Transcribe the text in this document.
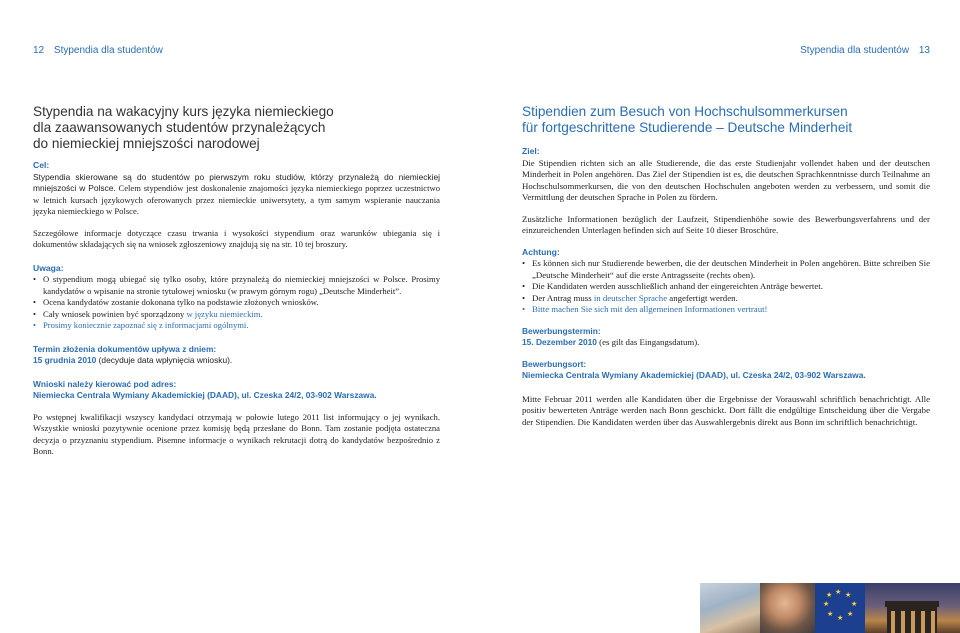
12 Stypendia dla studentów	Stypendia dla studentów 13
Stypendia na wakacyjny kurs języka niemieckiego
dla zaawansowanych studentów przynależących
do niemieckiej mniejszości narodowej
Cel:

Stypendia skierowane są do studentów po pierwszym roku studiów, którzy przynależą do niemieckiej mniejszości w Polsce. Celem stypendiów jest doskonalenie znajomości języka niemieckiego poprzez uczestnictwo w letnich kursach językowych oferowanych przez niemieckie uniwersytety, a tym samym wspieranie nauczania języka niemieckiego w Polsce.

Szczegółowe informacje dotyczące czasu trwania i wysokości stypendium oraz warunków ubiegania się i dokumentów składających się na wniosek zgłoszeniowy znajdują się na str. 10 tej broszury.

Uwaga:
• O stypendium mogą ubiegać się tylko osoby, które przynależą do niemieckiej mniejszości w Polsce. Prosimy kandydatów o wpisanie na stronie tytułowej wniosku (w prawym górnym rogu) „Deutsche Minderheit”.
• Ocena kandydatów zostanie dokonana tylko na podstawie złożonych wniosków.
• Cały wniosek powinien być sporządzony w języku niemieckim.
• Prosimy koniecznie zapoznać się z informacjami ogólnymi.
Termin złożenia dokumentów upływa z dniem:
15 grudnia 2010 (decyduje data wpłynięcia wniosku).
Wnioski należy kierować pod adres:
Niemiecka Centrala Wymiany Akademickiej (DAAD), ul. Czeska 24/2, 03-902 Warszawa.

Po wstępnej kwalifikacji wszyscy kandydaci otrzymają w połowie lutego 2011 list informujący o jej wynikach. Wszystkie wnioski pozytywnie ocenione przez komisję będą przesłane do Bonn. Tam zostanie podjęta ostateczna decyzja o przyznaniu stypendium. Pisemne informacje o wynikach rekrutacji dotrą do kandydatów bezpośrednio z Bonn.

Stipendien zum Besuch von Hochschulsommerkursen
für fortgeschrittene Studierende – Deutsche Minderheit
Ziel:

Die Stipendien richten sich an alle Studierende, die das erste Studienjahr vollendet haben und der deutschen Minderheit in Polen angehören. Das Ziel der Stipendien ist es, die deutschen Sprachkenntnisse durch Teilnahme an Hochschulsommerkursen, die von den deutschen Hochschulen angeboten werden zu verbessern, und somit die Vermittlung der deutschen Sprache in Polen zu fördern.

Zusätzliche Informationen bezüglich der Laufzeit, Stipendienhöhe sowie des Bewerbungsverfahrens und der einzureichenden Unterlagen befinden sich auf Seite 10 dieser Broschüre.

Achtung:
• Es können sich nur Studierende bewerben, die der deutschen Minderheit in Polen angehören. Bitte schreiben Sie „Deutsche Minderheit“ auf die erste Antragsseite (rechts oben).
• Die Kandidaten werden ausschließlich anhand der eingereichten Anträge bewertet.
• Der Antrag muss in deutscher Sprache angefertigt werden.
• Bitte machen Sie sich mit den allgemeinen Informationen vertraut!
Bewerbungstermin:
15. Dezember 2010 (es gilt das Eingangsdatum).
Bewerbungsort:
Niemiecka Centrala Wymiany Akademickiej (DAAD), ul. Czeska 24/2, 03-902 Warszawa.

Mitte Februar 2011 werden alle Kandidaten über die Ergebnisse der Vorauswahl schriftlich benachrichtigt. Alle positiv bewerteten Anträge werden nach Bonn geschickt. Dort fällt die endgültige Entscheidung über die Vergabe der Stipendien. Die Kandidaten werden über das Auswahlergebnis direkt aus Bonn im schriftlich benachrichtigt.

★ ★
★
★
★
★
★
★
